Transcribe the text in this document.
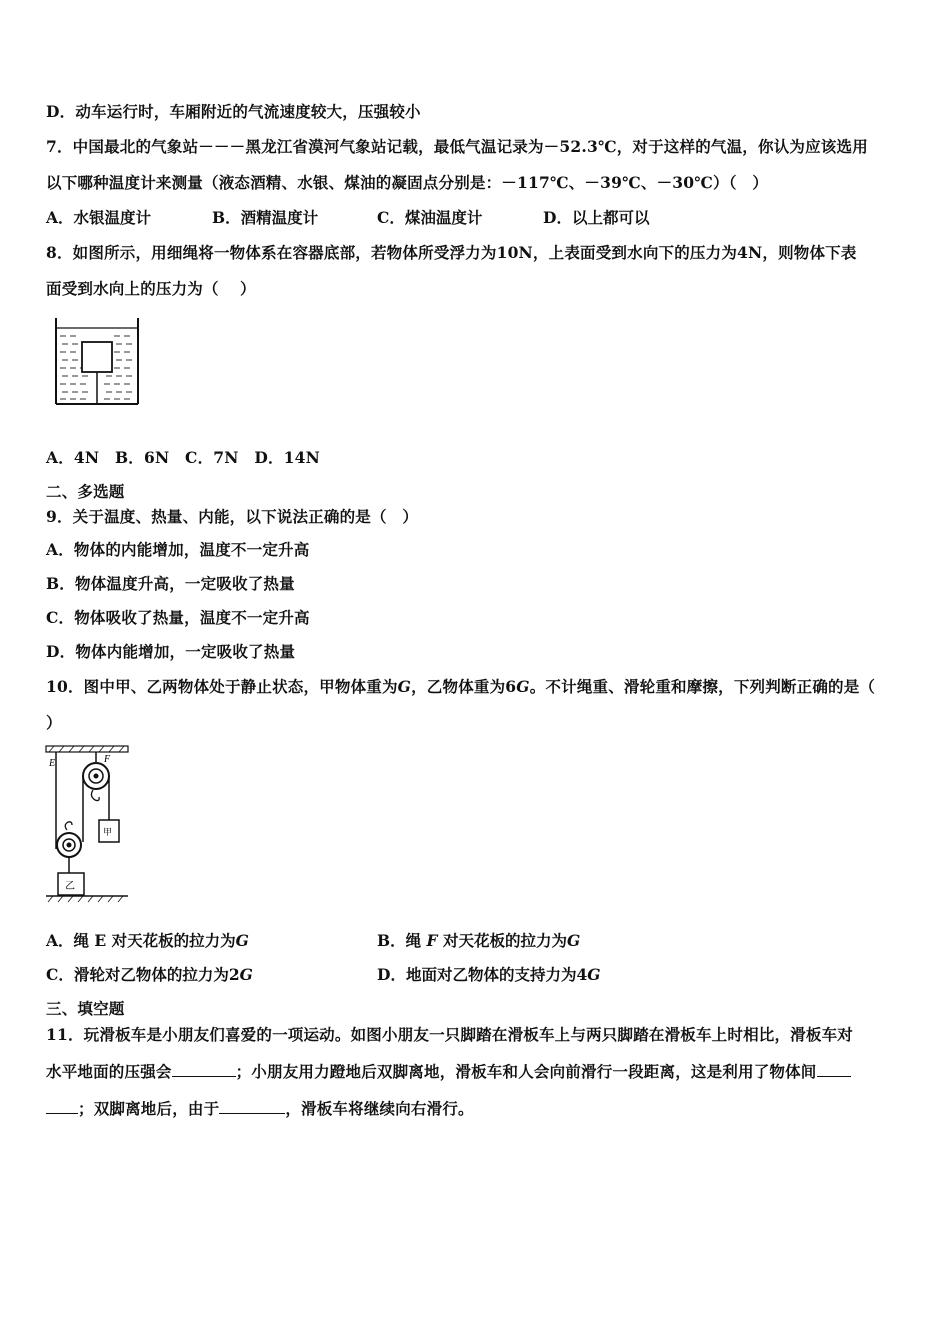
D．动车运行时，车厢附近的气流速度较大，压强较小
7．中国最北的气象站－－－黑龙江省漠河气象站记载，最低气温记录为－52.3℃，对于这样的气温，你认为应该选用
以下哪种温度计来测量（液态酒精、水银、煤油的凝固点分别是：－117℃、－39℃、－30℃）（　）
A．水银温度计	B．酒精温度计	C．煤油温度计	D．以上都可以
8．如图所示，用细绳将一物体系在容器底部，若物体所受浮力为10N，上表面受到水向下的压力为4N，则物体下表
面受到水向上的压力为（　 ）
A．4N　B．6N　C．7N　D．14N
二、多选题
9．关于温度、热量、内能，以下说法正确的是（　）
A．物体的内能增加，温度不一定升高
B．物体温度升高，一定吸收了热量
C．物体吸收了热量，温度不一定升高
D．物体内能增加，一定吸收了热量
10．图中甲、乙两物体处于静止状态，甲物体重为G，乙物体重为6G。不计绳重、滑轮重和摩擦，下列判断正确的是（
）
E	F
甲
乙
A．绳 E 对天花板的拉力为G	B．绳 F 对天花板的拉力为G
C．滑轮对乙物体的拉力为2G	D．地面对乙物体的支持力为4G
三、填空题
11．玩滑板车是小朋友们喜爱的一项运动。如图小朋友一只脚踏在滑板车上与两只脚踏在滑板车上时相比，滑板车对
水平地面的压强会	；小朋友用力蹬地后双脚离地，滑板车和人会向前滑行一段距离，这是利用了物体间
；双脚离地后，由于	，滑板车将继续向右滑行。
